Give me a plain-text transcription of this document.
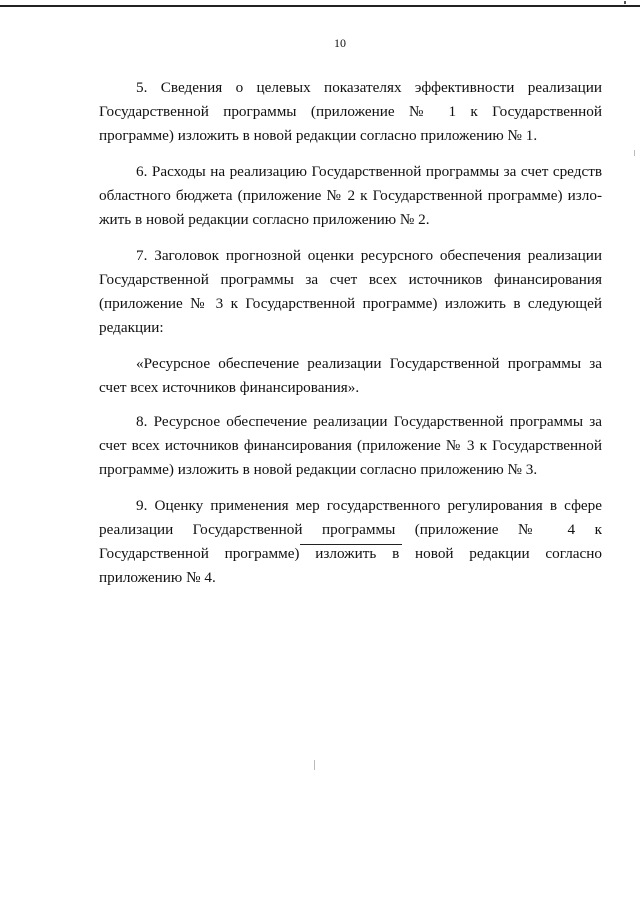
10

5. Сведения о целевых показателях эффективности реализации Государственной программы (приложение № 1 к Государственной программе) изложить в новой редакции согласно приложению № 1.

6. Расходы на реализацию Государственной программы за счет средств областного бюджета (приложение № 2 к Государственной программе) изложить в новой редакции согласно приложению № 2.

7. Заголовок прогнозной оценки ресурсного обеспечения реализации Государственной программы за счет всех источников финансирования (приложение № 3 к Государственной программе) изложить в следующей редакции:

«Ресурсное обеспечение реализации Государственной программы за счет всех источников финансирования».

8. Ресурсное обеспечение реализации Государственной программы за счет всех источников финансирования (приложение № 3 к Государственной программе) изложить в новой редакции согласно приложению № 3.

9. Оценку применения мер государственного регулирования в сфере реализации Государственной программы (приложение № 4 к Государственной программе) изложить в новой редакции согласно приложению № 4.
